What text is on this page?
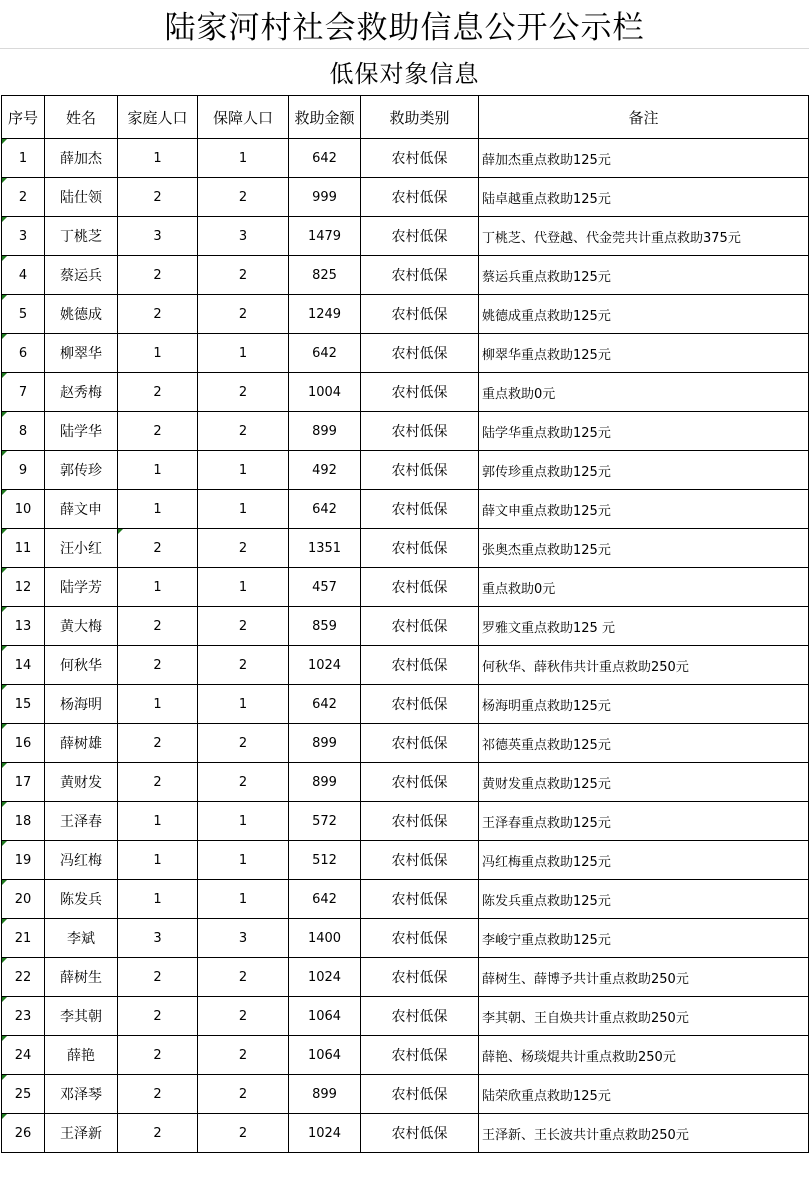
陆家河村社会救助信息公开公示栏
低保对象信息
序号	姓名	家庭人口	保障人口	救助金额	救助类别	备注
1	薛加杰	1	1	642	农村低保	薛加杰重点救助125元
2	陆仕领	2	2	999	农村低保	陆卓越重点救助125元
3	丁桃芝	3	3	1479	农村低保	丁桃芝、代登越、代金莞共计重点救助375元
4	蔡运兵	2	2	825	农村低保	蔡运兵重点救助125元
5	姚德成	2	2	1249	农村低保	姚德成重点救助125元
6	柳翠华	1	1	642	农村低保	柳翠华重点救助125元
7	赵秀梅	2	2	1004	农村低保	重点救助0元
8	陆学华	2	2	899	农村低保	陆学华重点救助125元
9	郭传珍	1	1	492	农村低保	郭传珍重点救助125元
10	薛文申	1	1	642	农村低保	薛文申重点救助125元
11	汪小红	2	2	1351	农村低保	张奥杰重点救助125元
12	陆学芳	1	1	457	农村低保	重点救助0元
13	黄大梅	2	2	859	农村低保	罗雅文重点救助125 元
14	何秋华	2	2	1024	农村低保	何秋华、薛秋伟共计重点救助250元
15	杨海明	1	1	642	农村低保	杨海明重点救助125元
16	薛树雄	2	2	899	农村低保	祁德英重点救助125元
17	黄财发	2	2	899	农村低保	黄财发重点救助125元
18	王泽春	1	1	572	农村低保	王泽春重点救助125元
19	冯红梅	1	1	512	农村低保	冯红梅重点救助125元
20	陈发兵	1	1	642	农村低保	陈发兵重点救助125元
21	李斌	3	3	1400	农村低保	李峻宁重点救助125元
22	薛树生	2	2	1024	农村低保	薛树生、薛博予共计重点救助250元
23	李其朝	2	2	1064	农村低保	李其朝、王自焕共计重点救助250元
24	薛艳	2	2	1064	农村低保	薛艳、杨琰焜共计重点救助250元
25	邓泽琴	2	2	899	农村低保	陆荣欣重点救助125元
26	王泽新	2	2	1024	农村低保	王泽新、王长波共计重点救助250元
